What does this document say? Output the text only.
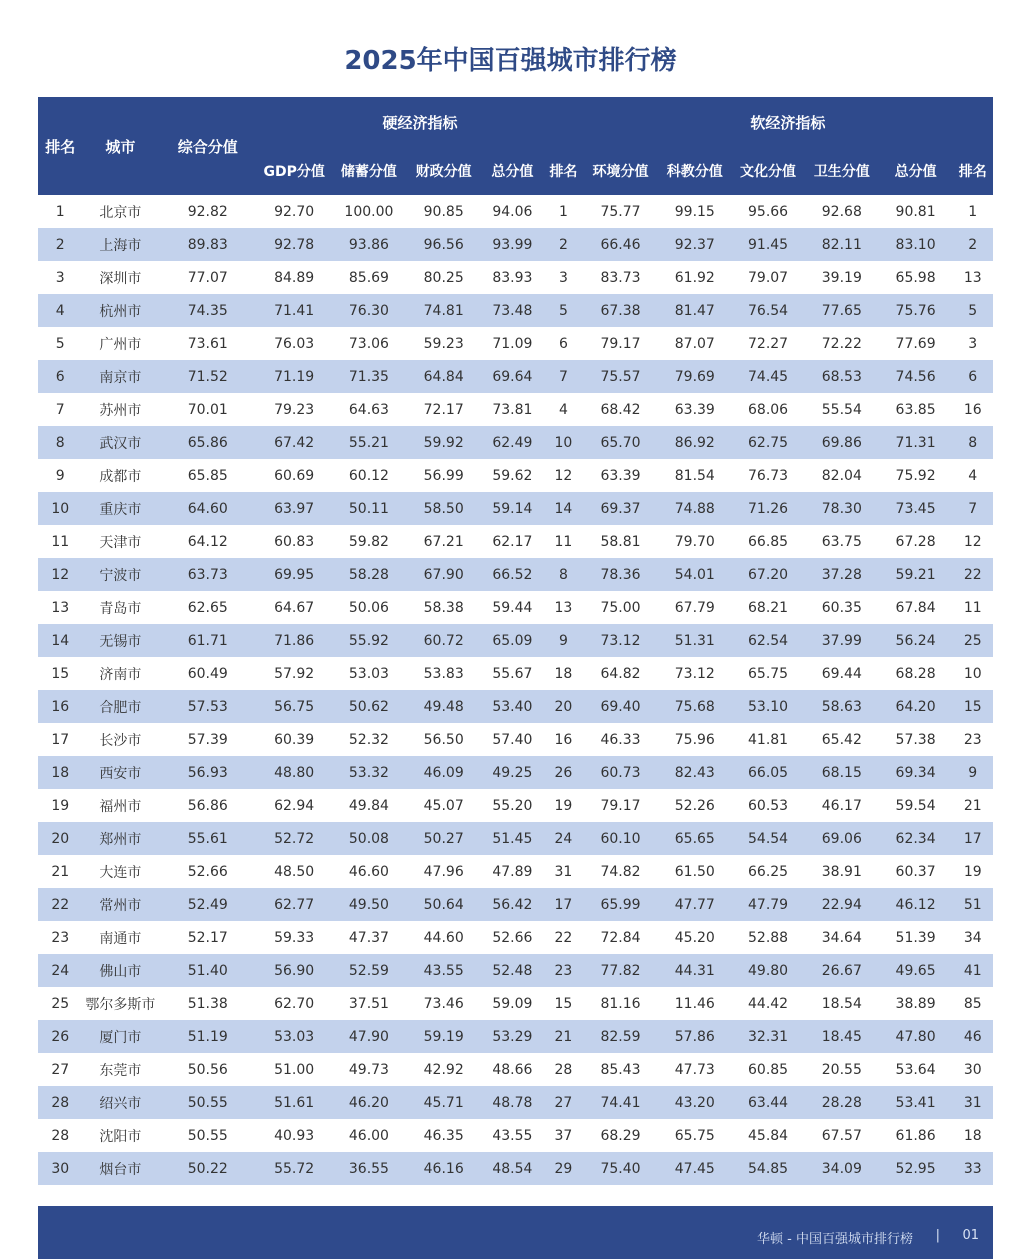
2025年中国百强城市排行榜
排名	城市	综合分值	硬经济指标					软经济指标					
			GDP分值	储蓄分值	财政分值	总分值	排名	环境分值	科教分值	文化分值	卫生分值	总分值	排名
1	北京市	92.82	92.70	100.00	90.85	94.06	1	75.77	99.15	95.66	92.68	90.81	1
2	上海市	89.83	92.78	93.86	96.56	93.99	2	66.46	92.37	91.45	82.11	83.10	2
3	深圳市	77.07	84.89	85.69	80.25	83.93	3	83.73	61.92	79.07	39.19	65.98	13
4	杭州市	74.35	71.41	76.30	74.81	73.48	5	67.38	81.47	76.54	77.65	75.76	5
5	广州市	73.61	76.03	73.06	59.23	71.09	6	79.17	87.07	72.27	72.22	77.69	3
6	南京市	71.52	71.19	71.35	64.84	69.64	7	75.57	79.69	74.45	68.53	74.56	6
7	苏州市	70.01	79.23	64.63	72.17	73.81	4	68.42	63.39	68.06	55.54	63.85	16
8	武汉市	65.86	67.42	55.21	59.92	62.49	10	65.70	86.92	62.75	69.86	71.31	8
9	成都市	65.85	60.69	60.12	56.99	59.62	12	63.39	81.54	76.73	82.04	75.92	4
10	重庆市	64.60	63.97	50.11	58.50	59.14	14	69.37	74.88	71.26	78.30	73.45	7
11	天津市	64.12	60.83	59.82	67.21	62.17	11	58.81	79.70	66.85	63.75	67.28	12
12	宁波市	63.73	69.95	58.28	67.90	66.52	8	78.36	54.01	67.20	37.28	59.21	22
13	青岛市	62.65	64.67	50.06	58.38	59.44	13	75.00	67.79	68.21	60.35	67.84	11
14	无锡市	61.71	71.86	55.92	60.72	65.09	9	73.12	51.31	62.54	37.99	56.24	25
15	济南市	60.49	57.92	53.03	53.83	55.67	18	64.82	73.12	65.75	69.44	68.28	10
16	合肥市	57.53	56.75	50.62	49.48	53.40	20	69.40	75.68	53.10	58.63	64.20	15
17	长沙市	57.39	60.39	52.32	56.50	57.40	16	46.33	75.96	41.81	65.42	57.38	23
18	西安市	56.93	48.80	53.32	46.09	49.25	26	60.73	82.43	66.05	68.15	69.34	9
19	福州市	56.86	62.94	49.84	45.07	55.20	19	79.17	52.26	60.53	46.17	59.54	21
20	郑州市	55.61	52.72	50.08	50.27	51.45	24	60.10	65.65	54.54	69.06	62.34	17
21	大连市	52.66	48.50	46.60	47.96	47.89	31	74.82	61.50	66.25	38.91	60.37	19
22	常州市	52.49	62.77	49.50	50.64	56.42	17	65.99	47.77	47.79	22.94	46.12	51
23	南通市	52.17	59.33	47.37	44.60	52.66	22	72.84	45.20	52.88	34.64	51.39	34
24	佛山市	51.40	56.90	52.59	43.55	52.48	23	77.82	44.31	49.80	26.67	49.65	41
25	鄂尔多斯市	51.38	62.70	37.51	73.46	59.09	15	81.16	11.46	44.42	18.54	38.89	85
26	厦门市	51.19	53.03	47.90	59.19	53.29	21	82.59	57.86	32.31	18.45	47.80	46
27	东莞市	50.56	51.00	49.73	42.92	48.66	28	85.43	47.73	60.85	20.55	53.64	30
28	绍兴市	50.55	51.61	46.20	45.71	48.78	27	74.41	43.20	63.44	28.28	53.41	31
28	沈阳市	50.55	40.93	46.00	46.35	43.55	37	68.29	65.75	45.84	67.57	61.86	18
30	烟台市	50.22	55.72	36.55	46.16	48.54	29	75.40	47.45	54.85	34.09	52.95	33
华顿 - 中国百强城市排行榜 | 01
